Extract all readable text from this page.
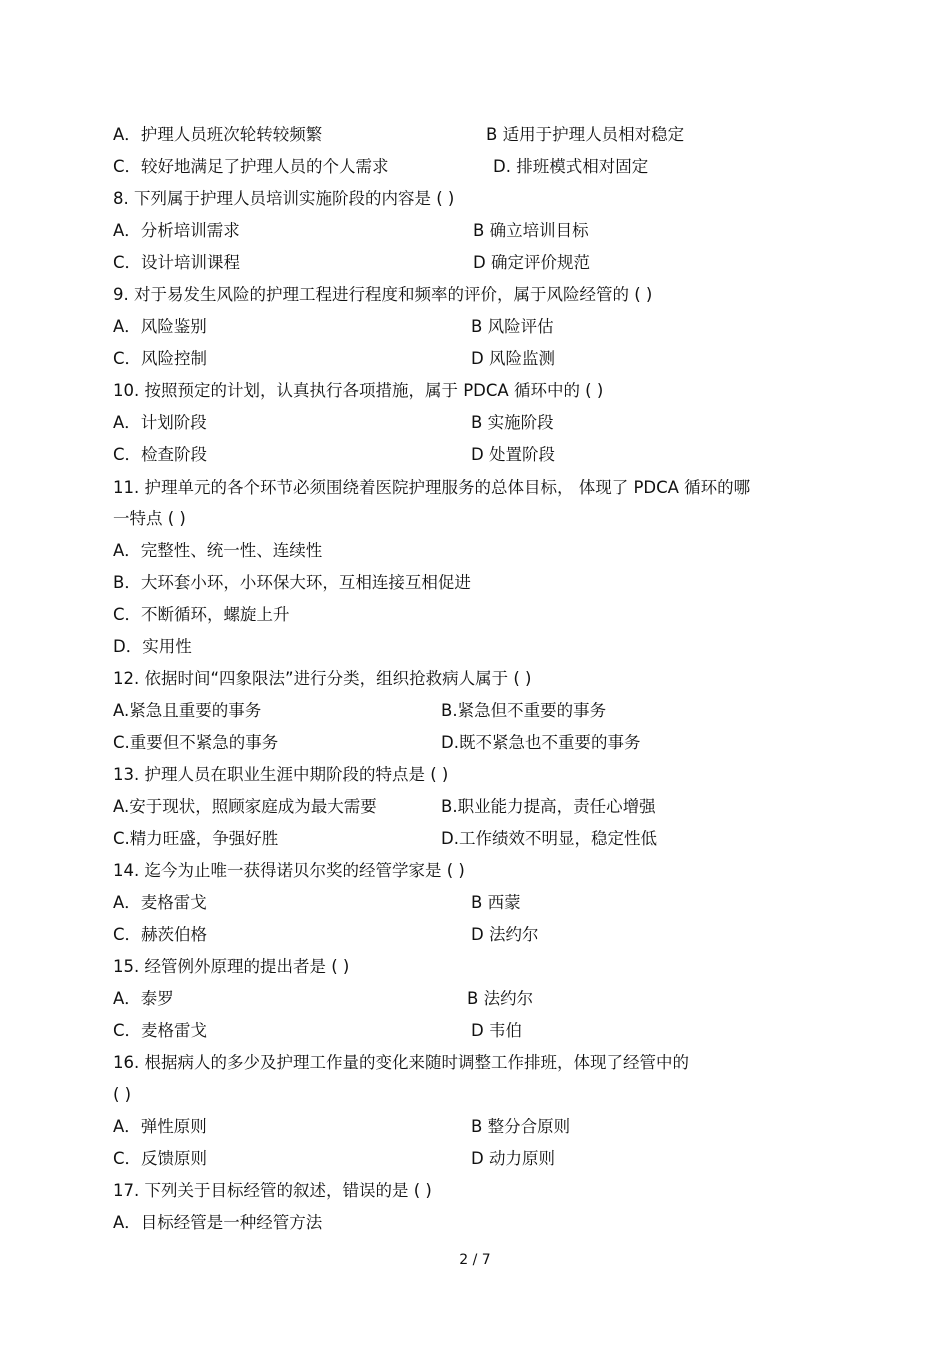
A．护理人员班次轮转较频繁	B 适用于护理人员相对稳定
C．较好地满足了护理人员的个人需求	D. 排班模式相对固定
8. 下列属于护理人员培训实施阶段的内容是 ( )
A．分析培训需求	B 确立培训目标
C．设计培训课程	D 确定评价规范
9. 对于易发生风险的护理工程进行程度和频率的评价，属于风险经管的 ( )
A．风险鉴别	B 风险评估
C．风险控制	D 风险监测
10. 按照预定的计划，认真执行各项措施，属于 PDCA 循环中的 ( )
A．计划阶段	B 实施阶段
C．检查阶段	D 处置阶段
11. 护理单元的各个环节必须围绕着医院护理服务的总体目标， 体现了 PDCA 循环的哪
一特点 ( )
A．完整性、统一性、连续性
B．大环套小环，小环保大环，互相连接互相促进
C．不断循环，螺旋上升
D．实用性
12. 依据时间“四象限法”进行分类，组织抢救病人属于 ( )
A.紧急且重要的事务	B.紧急但不重要的事务
C.重要但不紧急的事务	D.既不紧急也不重要的事务
13. 护理人员在职业生涯中期阶段的特点是 ( )
A.安于现状，照顾家庭成为最大需要	B.职业能力提高，责任心增强
C.精力旺盛，争强好胜	D.工作绩效不明显，稳定性低
14. 迄今为止唯一获得诺贝尔奖的经管学家是 ( )
A．麦格雷戈	B 西蒙
C．赫茨伯格	D 法约尔
15. 经管例外原理的提出者是 ( )
A．泰罗	B 法约尔
C．麦格雷戈	D 韦伯
16. 根据病人的多少及护理工作量的变化来随时调整工作排班，体现了经管中的
( )
A．弹性原则	B 整分合原则
C．反馈原则	D 动力原则
17. 下列关于目标经管的叙述，错误的是 ( )
A．目标经管是一种经管方法
2 / 7
